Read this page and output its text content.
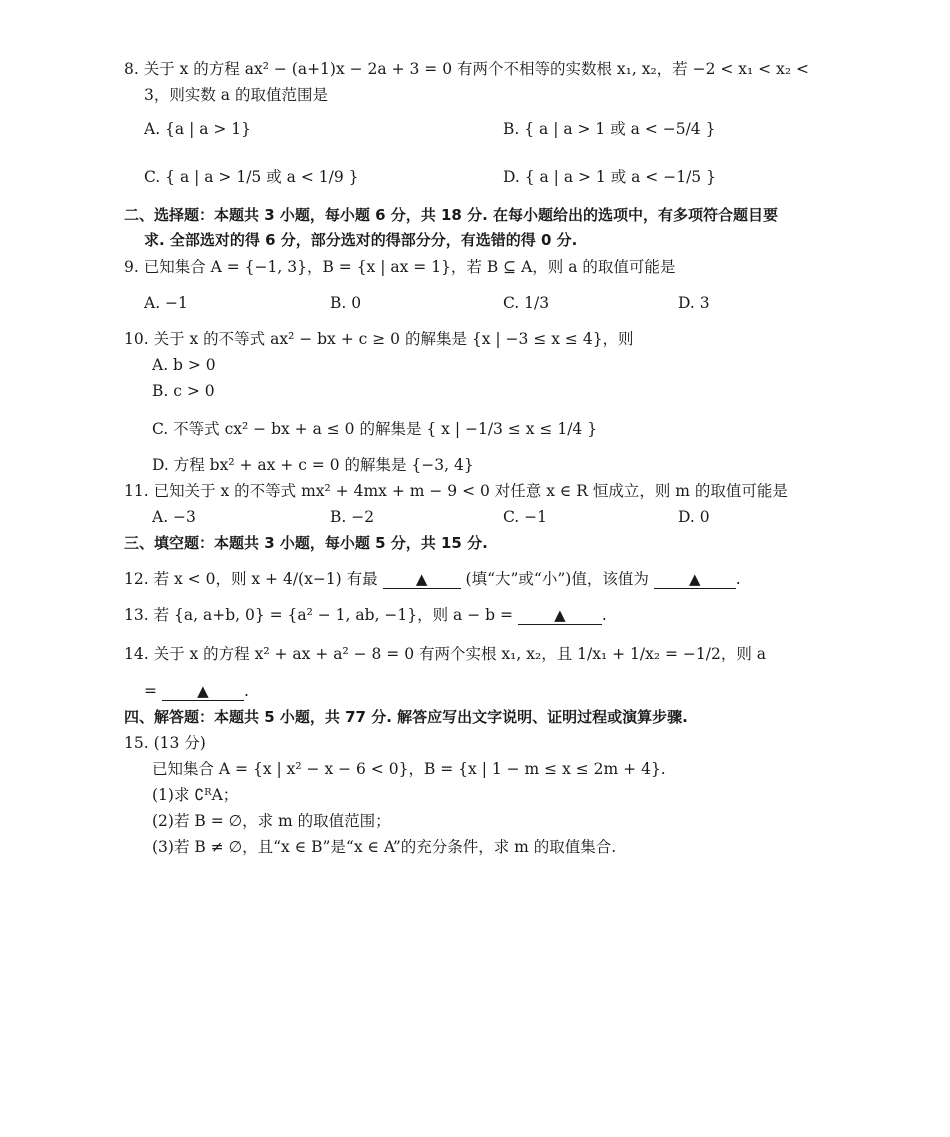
8. 关于 x 的方程 ax² − (a+1)x − 2a + 3 = 0 有两个不相等的实数根 x₁, x₂，若 −2 < x₁ < x₂ <
3，则实数 a 的取值范围是
A. {a | a > 1}	B. { a | a > 1 或 a < −5/4 }
C. { a | a > 1/5 或 a < 1/9 }	D. { a | a > 1 或 a < −1/5 }
二、选择题：本题共 3 小题，每小题 6 分，共 18 分. 在每小题给出的选项中，有多项符合题目要
求. 全部选对的得 6 分，部分选对的得部分分，有选错的得 0 分.
9. 已知集合 A = {−1, 3}，B = {x | ax = 1}，若 B ⊆ A，则 a 的取值可能是
A. −1	B. 0	C. 1/3	D. 3
10. 关于 x 的不等式 ax² − bx + c ≥ 0 的解集是 {x | −3 ≤ x ≤ 4}，则
A. b > 0
B. c > 0
C. 不等式 cx² − bx + a ≤ 0 的解集是 { x | −1/3 ≤ x ≤ 1/4 }
D. 方程 bx² + ax + c = 0 的解集是 {−3, 4}
11. 已知关于 x 的不等式 mx² + 4mx + m − 9 < 0 对任意 x ∈ R 恒成立，则 m 的取值可能是
A. −3	B. −2	C. −1	D. 0
三、填空题：本题共 3 小题，每小题 5 分，共 15 分.
12. 若 x < 0，则 x + 4/(x−1) 有最	▲ (填“大”或“小”)值，该值为	▲ .
13. 若 {a, a+b, 0} = {a² − 1, ab, −1}，则 a − b =	▲ .
14. 关于 x 的方程 x² + ax + a² − 8 = 0 有两个实根 x₁, x₂，且 1/x₁ + 1/x₂ = −1/2，则 a
=	▲ .
四、解答题：本题共 5 小题，共 77 分. 解答应写出文字说明、证明过程或演算步骤.
15. (13 分)
已知集合 A = {x | x² − x − 6 < 0}，B = {x | 1 − m ≤ x ≤ 2m + 4}.
(1)求 ∁ᴿA；
(2)若 B = ∅，求 m 的取值范围；
(3)若 B ≠ ∅，且“x ∈ B”是“x ∈ A”的充分条件，求 m 的取值集合.
